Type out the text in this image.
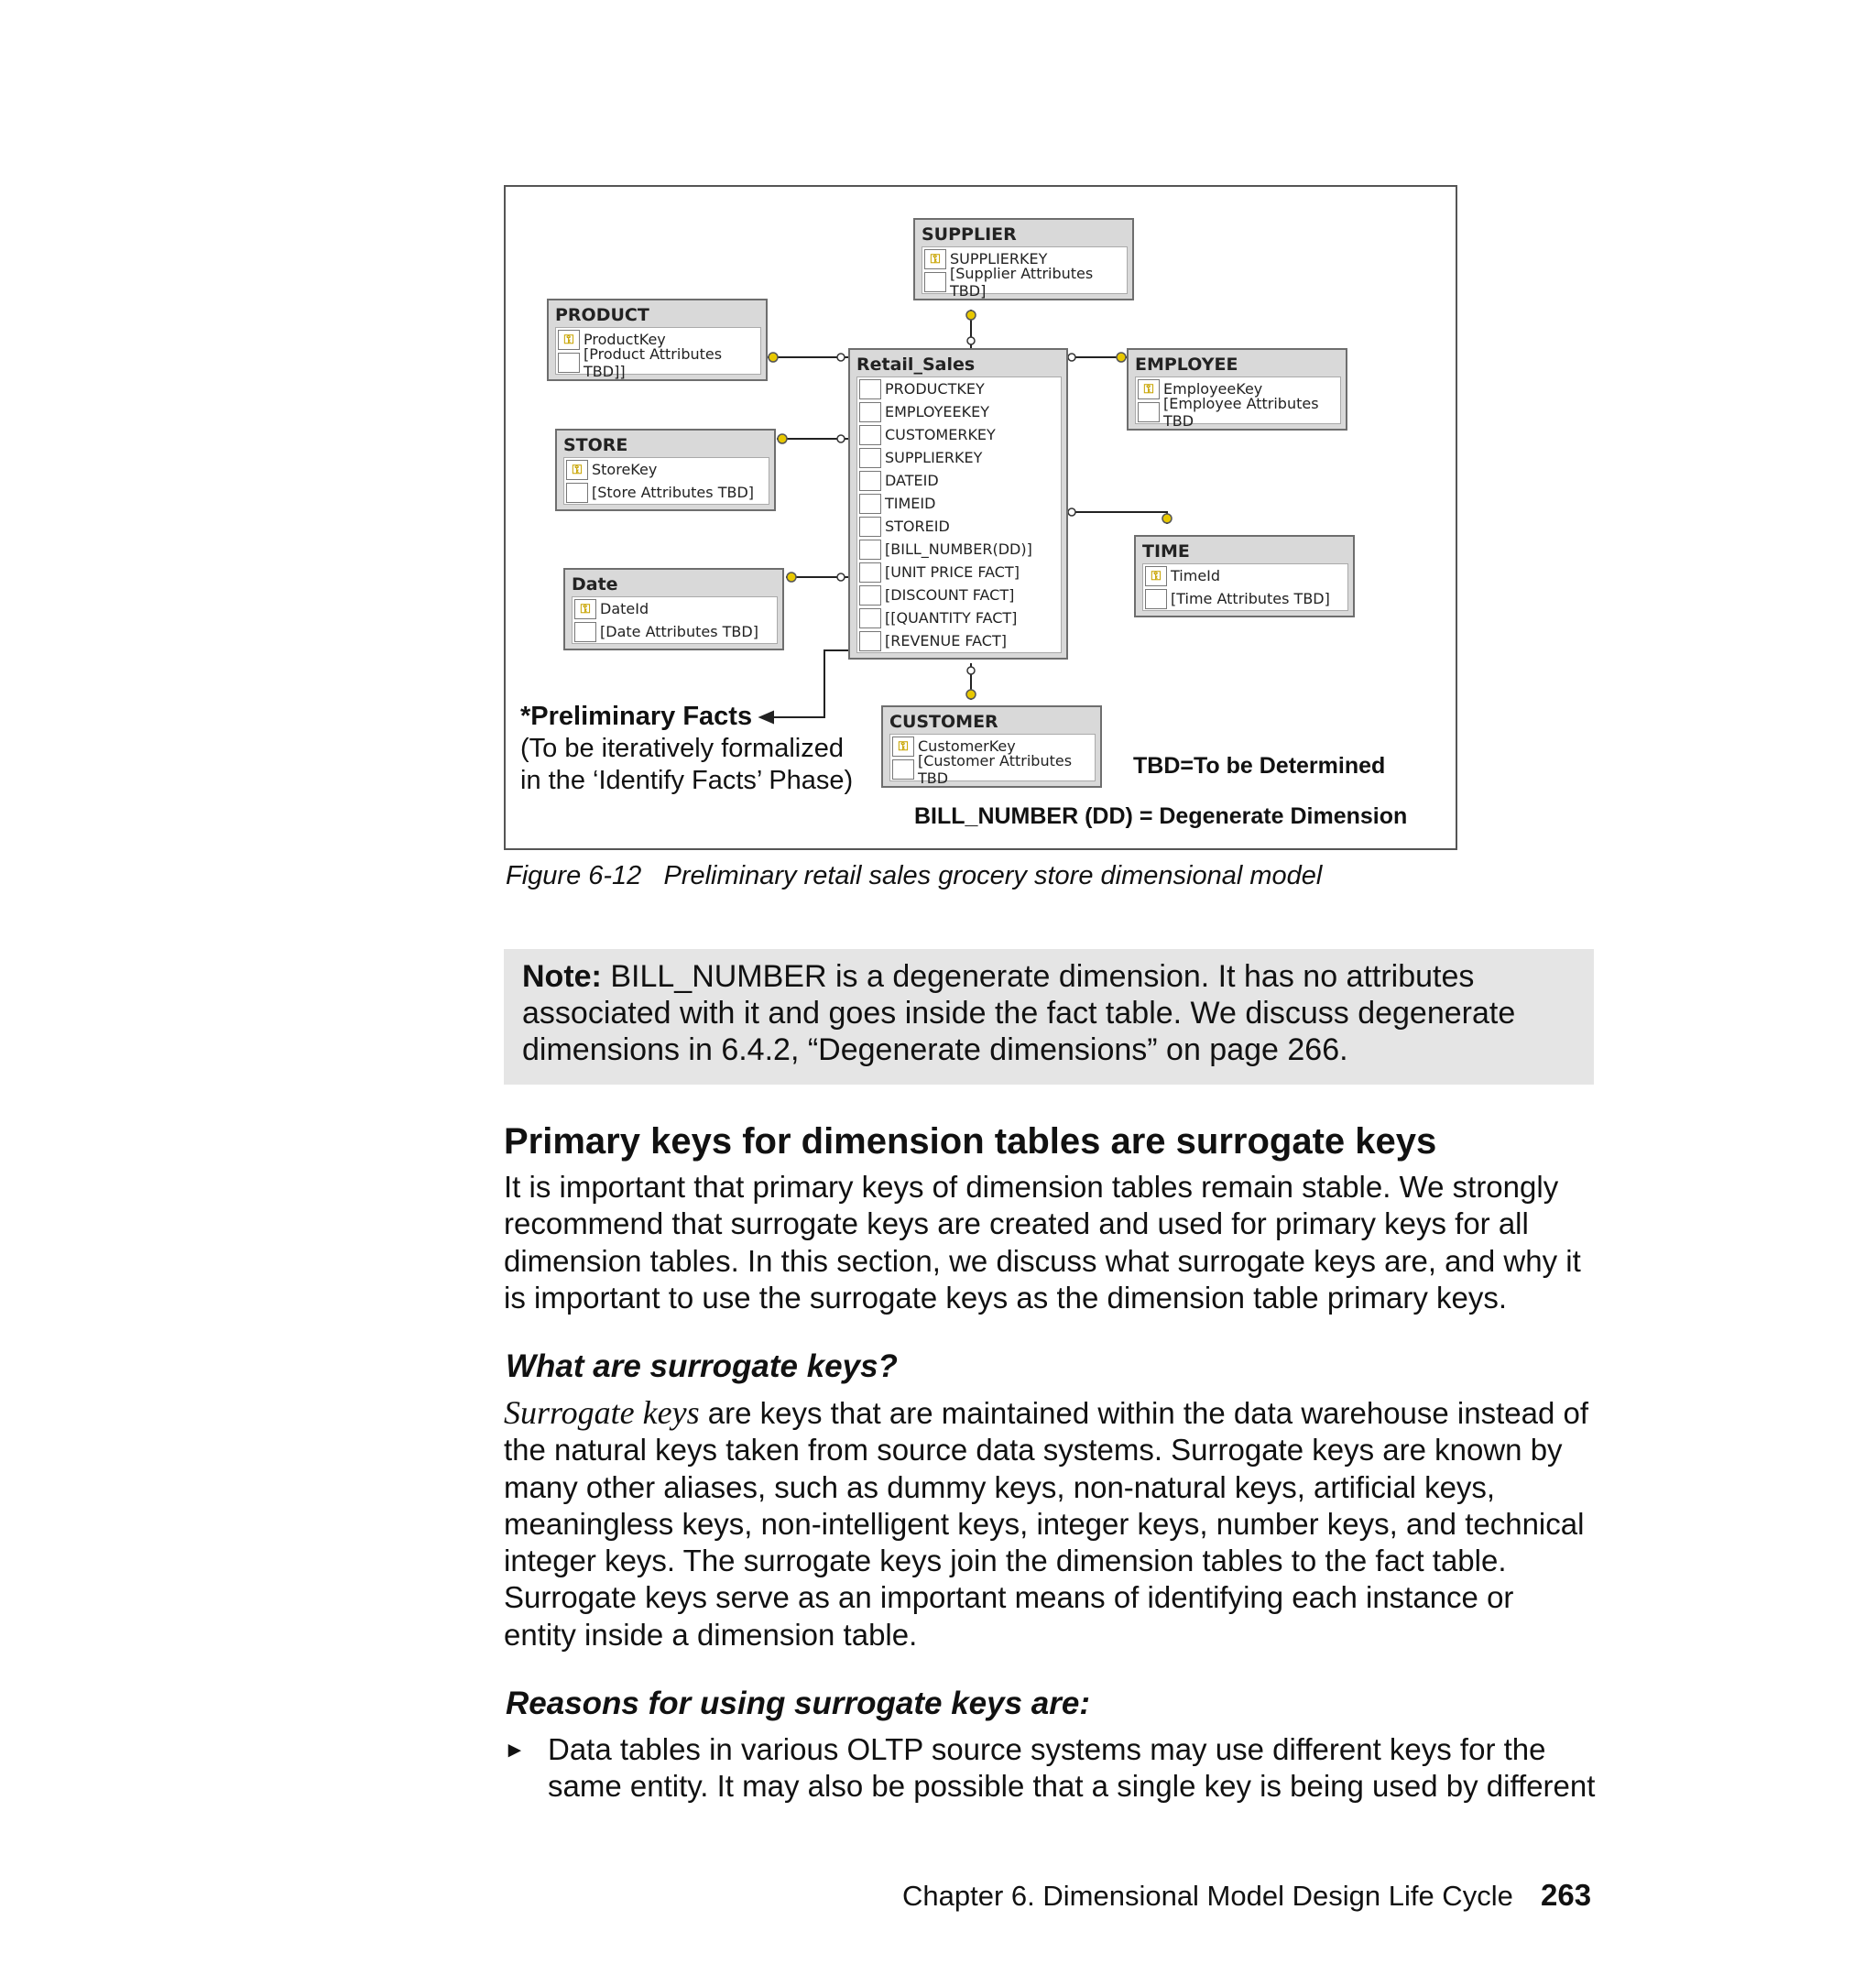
SUPPLIER
⚿ SUPPLIERKEY
[Supplier Attributes TBD]
PRODUCT
⚿ ProductKey
[Product Attributes TBD]]
STORE
⚿ StoreKey
[Store Attributes TBD]
Date
⚿ DateId
[Date Attributes TBD]
Retail_Sales
PRODUCTKEY
EMPLOYEEKEY
CUSTOMERKEY
SUPPLIERKEY
DATEID
TIMEID
STOREID
[BILL_NUMBER(DD)]
[UNIT PRICE FACT]
[DISCOUNT FACT]
[[QUANTITY FACT]
[REVENUE FACT]
EMPLOYEE
⚿ EmployeeKey
[Employee Attributes TBD
TIME
⚿ TimeId
[Time Attributes TBD]
CUSTOMER
⚿ CustomerKey
[Customer Attributes TBD
*Preliminary Facts
(To be iteratively formalized
in the ‘Identify Facts’ Phase)	TBD=To be Determined
BILL_NUMBER (DD) = Degenerate Dimension
Figure 6-12   Preliminary retail sales grocery store dimensional model
Note: BILL_NUMBER is a degenerate dimension. It has no attributes associated with it and goes inside the fact table. We discuss degenerate dimensions in 6.4.2, “Degenerate dimensions” on page 266.
Primary keys for dimension tables are surrogate keys
It is important that primary keys of dimension tables remain stable. We strongly recommend that surrogate keys are created and used for primary keys for all dimension tables. In this section, we discuss what surrogate keys are, and why it is important to use the surrogate keys as the dimension table primary keys.
What are surrogate keys?
Surrogate keys are keys that are maintained within the data warehouse instead of the natural keys taken from source data systems. Surrogate keys are known by many other aliases, such as dummy keys, non-natural keys, artificial keys, meaningless keys, non-intelligent keys, integer keys, number keys, and technical integer keys. The surrogate keys join the dimension tables to the fact table. Surrogate keys serve as an important means of identifying each instance or entity inside a dimension table.
Reasons for using surrogate keys are:
► Data tables in various OLTP source systems may use different keys for the same entity. It may also be possible that a single key is being used by different
Chapter 6. Dimensional Model Design Life Cycle 263
